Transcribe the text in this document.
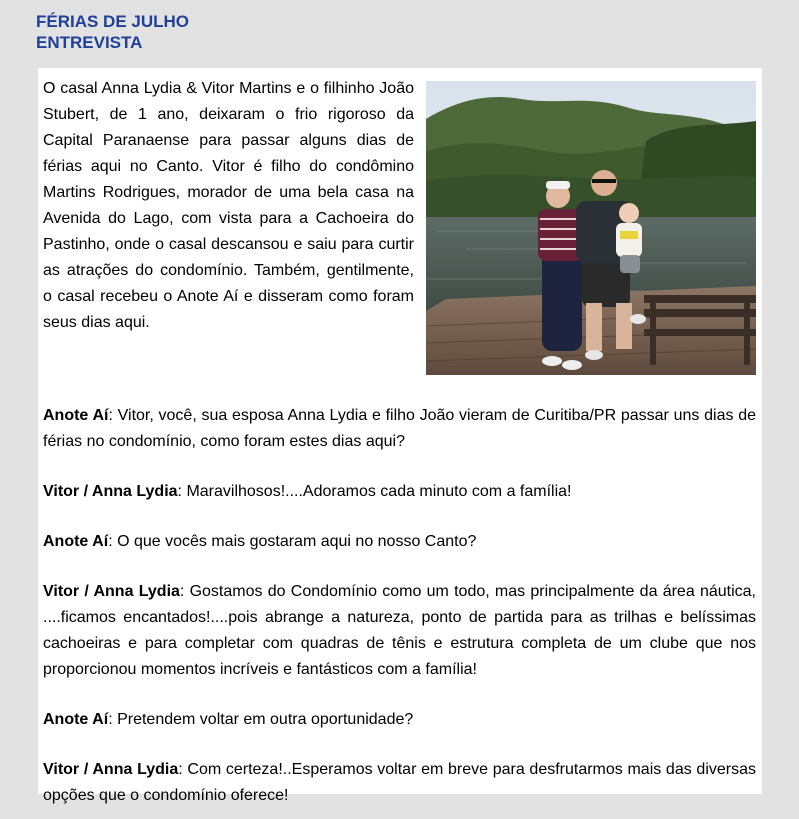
FÉRIAS DE JULHO
ENTREVISTA

O casal Anna Lydia & Vitor Martins e o filhinho João Stubert, de 1 ano, deixaram o frio rigoroso da Capital Paranaense para passar alguns dias de férias aqui no Canto. Vitor é filho do condômino Martins Rodrigues, morador de uma bela casa na Avenida do Lago, com vista para a Cachoeira do Pastinho, onde o casal descansou e saiu para curtir as atrações do condomínio. Também, gentilmente, o casal recebeu o Anote Aí e disseram como foram seus dias aqui.

Anote Aí: Vitor, você, sua esposa Anna Lydia e filho João vieram de Curitiba/PR passar uns dias de férias no condomínio, como foram estes dias aqui?

Vitor / Anna Lydia: Maravilhosos!....Adoramos cada minuto com a família!

Anote Aí: O que vocês mais gostaram aqui no nosso Canto?

Vitor / Anna Lydia: Gostamos do Condomínio como um todo, mas principalmente da área náutica, ....ficamos encantados!....pois abrange a natureza, ponto de partida para as trilhas e belíssimas cachoeiras e para completar com quadras de tênis e estrutura completa de um clube que nos proporcionou momentos incríveis e fantásticos com a família!

Anote Aí: Pretendem voltar em outra oportunidade?

Vitor / Anna Lydia: Com certeza!..Esperamos voltar em breve para desfrutarmos mais das diversas opções que o condomínio oferece!
